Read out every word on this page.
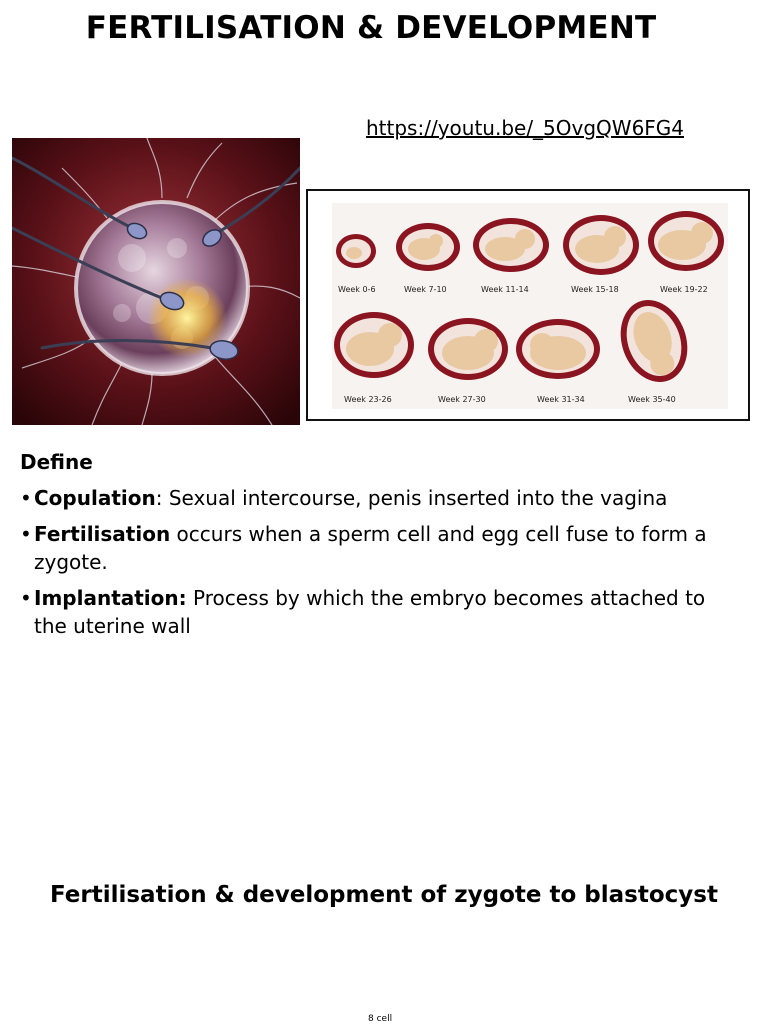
FERTILISATION & DEVELOPMENT
https://youtu.be/_5OvgQW6FG4
Week 0-6	Week 7-10	Week 11-14	Week 15-18	Week 19-22
Week 23-26	Week 27-30	Week 31-34	Week 35-40
Define
• Copulation: Sexual intercourse, penis inserted into the vagina
• Fertilisation occurs when a sperm cell and egg cell fuse to form a zygote.
• Implantation: Process by which the embryo becomes attached to the uterine wall
Fertilisation & development of zygote to blastocyst
8 cell
